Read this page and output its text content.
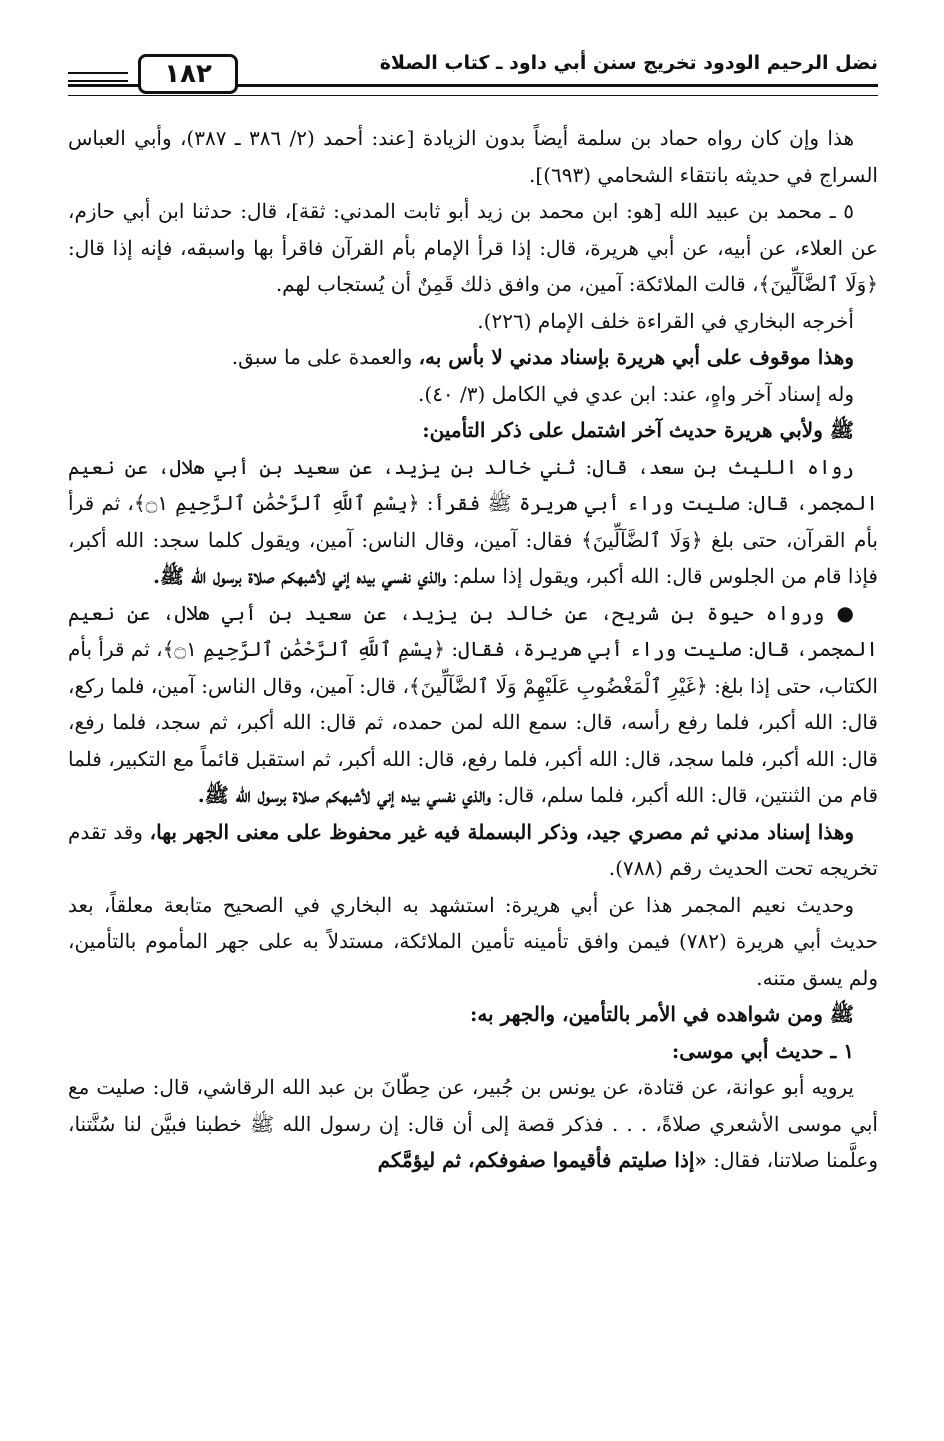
نضل الرحيم الودود تخريج سنن أبي داود ـ كتاب الصلاة
١٨٢

هذا وإن كان رواه حماد بن سلمة أيضاً بدون الزيادة [عند: أحمد (٢/ ٣٨٦ ـ ٣٨٧)، وأبي العباس السراج في حديثه بانتقاء الشحامي (٦٩٣)].

٥ ـ محمد بن عبيد الله [هو: ابن محمد بن زيد أبو ثابت المدني: ثقة]، قال: حدثنا ابن أبي حازم، عن العلاء، عن أبيه، عن أبي هريرة، قال: إذا قرأ الإمام بأم القرآن فاقرأ بها واسبقه، فإنه إذا قال: ﴿وَلَا ٱلضَّآلِّينَ﴾، قالت الملائكة: آمين، من وافق ذلك قَمِنٌ أن يُستجاب لهم.

أخرجه البخاري في القراءة خلف الإمام (٢٢٦).

وهذا موقوف على أبي هريرة بإسناد مدني لا بأس به، والعمدة على ما سبق.

وله إسناد آخر واهٍ، عند: ابن عدي في الكامل (٣/ ٤٠).

ﷺ ولأبي هريرة حديث آخر اشتمل على ذكر التأمين:

رواه الليث بن سعد، قال: ثني خالد بن يزيد، عن سعيد بن أبي هلال، عن نعيم المجمر، قال: صليت وراء أبي هريرة ﷺ فقرأ: ﴿بِسْمِ ٱللَّهِ ٱلرَّحْمَٰنِ ٱلرَّحِيمِ ۝١﴾، ثم قرأ بأم القرآن، حتى بلغ ﴿وَلَا ٱلضَّآلِّينَ﴾ فقال: آمين، وقال الناس: آمين، ويقول كلما سجد: الله أكبر، فإذا قام من الجلوس قال: الله أكبر، ويقول إذا سلم: والذي نفسي بيده إني لأشبهكم صلاة برسول الله ﷺ.

● ورواه حيوة بن شريح، عن خالد بن يزيد، عن سعيد بن أبي هلال، عن نعيم المجمر، قال: صليت وراء أبي هريرة، فقال: ﴿بِسْمِ ٱللَّهِ ٱلرَّحْمَٰنِ ٱلرَّحِيمِ ۝١﴾، ثم قرأ بأم الكتاب، حتى إذا بلغ: ﴿غَيْرِ ٱلْمَغْضُوبِ عَلَيْهِمْ وَلَا ٱلضَّآلِّينَ﴾، قال: آمين، وقال الناس: آمين، فلما ركع، قال: الله أكبر، فلما رفع رأسه، قال: سمع الله لمن حمده، ثم قال: الله أكبر، ثم سجد، فلما رفع، قال: الله أكبر، فلما سجد، قال: الله أكبر، فلما رفع، قال: الله أكبر، ثم استقبل قائماً مع التكبير، فلما قام من الثنتين، قال: الله أكبر، فلما سلم، قال: والذي نفسي بيده إني لأشبهكم صلاة برسول الله ﷺ.

وهذا إسناد مدني ثم مصري جيد، وذكر البسملة فيه غير محفوظ على معنى الجهر بها، وقد تقدم تخريجه تحت الحديث رقم (٧٨٨).

وحديث نعيم المجمر هذا عن أبي هريرة: استشهد به البخاري في الصحيح متابعة معلقاً، بعد حديث أبي هريرة (٧٨٢) فيمن وافق تأمينه تأمين الملائكة، مستدلاً به على جهر المأموم بالتأمين، ولم يسق متنه.

ﷺ ومن شواهده في الأمر بالتأمين، والجهر به:
١ ـ حديث أبي موسى:

يرويه أبو عوانة، عن قتادة، عن يونس بن جُبير، عن حِطّانَ بن عبد الله الرقاشي، قال: صليت مع أبي موسى الأشعري صلاةً، . . . فذكر قصة إلى أن قال: إن رسول الله ﷺ خطبنا فبيَّن لنا سُنَّتنا، وعلَّمنا صلاتنا، فقال: «إذا صليتم فأقيموا صفوفكم، ثم ليؤمَّكم
